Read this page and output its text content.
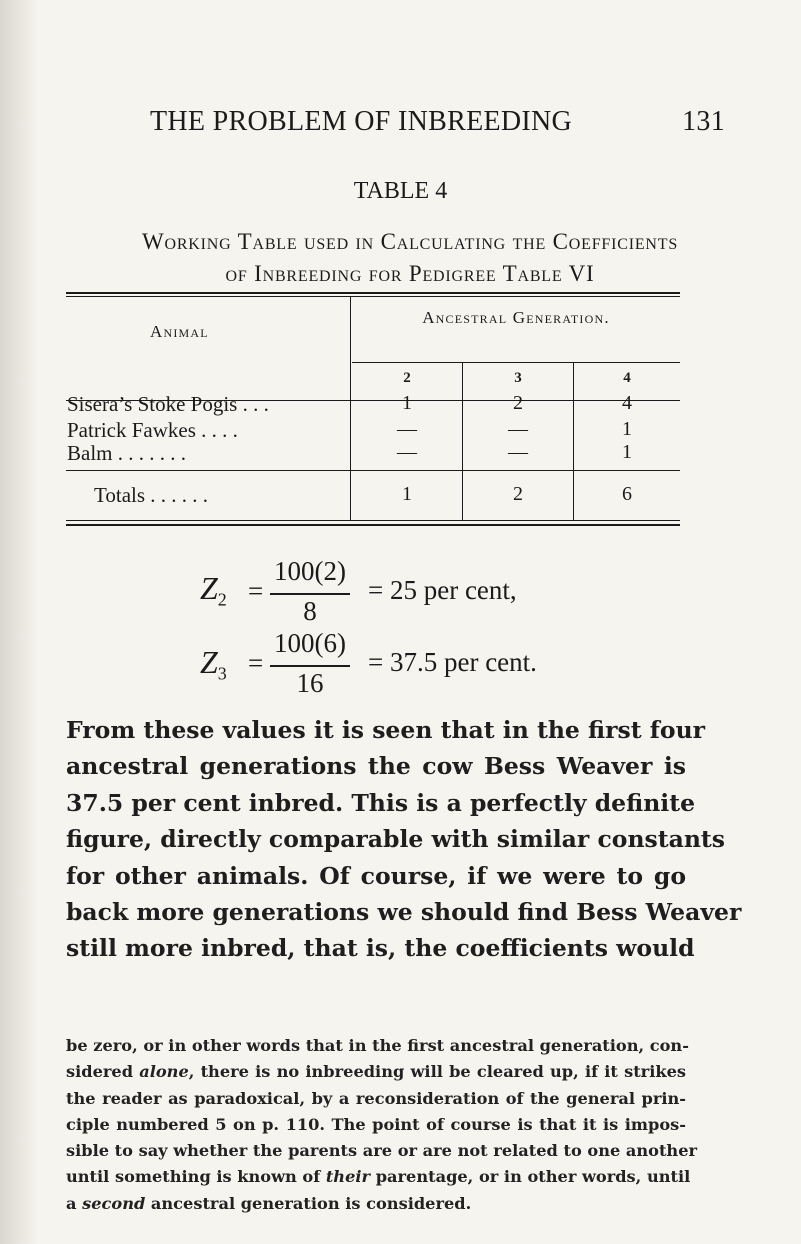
THE PROBLEM OF INBREEDING	131
TABLE 4
Working Table used in Calculating the Coefficients
of Inbreeding for Pedigree Table VI
Animal
Ancestral Generation.
2	3	4
Sisera’s Stoke Pogis . . .	1	2	4
Patrick Fawkes . . . .	—	—	1
Balm . . . . . . .	—	—	1
Totals . . . . . .	1	2	6
$Z_2$ =
100(2)
8
= 25 per cent,
$Z_3$ =
100(6)
16
= 37.5 per cent.
From these values it is seen that in the first four
ancestral generations the cow Bess Weaver is
37.5 per cent inbred. This is a perfectly definite
figure, directly comparable with similar constants
for other animals. Of course, if we were to go
back more generations we should find Bess Weaver
still more inbred, that is, the coefficients would
be zero, or in other words that in the first ancestral generation, con-
sidered alone, there is no inbreeding will be cleared up, if it strikes
the reader as paradoxical, by a reconsideration of the general prin-
ciple numbered 5 on p. 110. The point of course is that it is impos-
sible to say whether the parents are or are not related to one another
until something is known of their parentage, or in other words, until
a second ancestral generation is considered.
